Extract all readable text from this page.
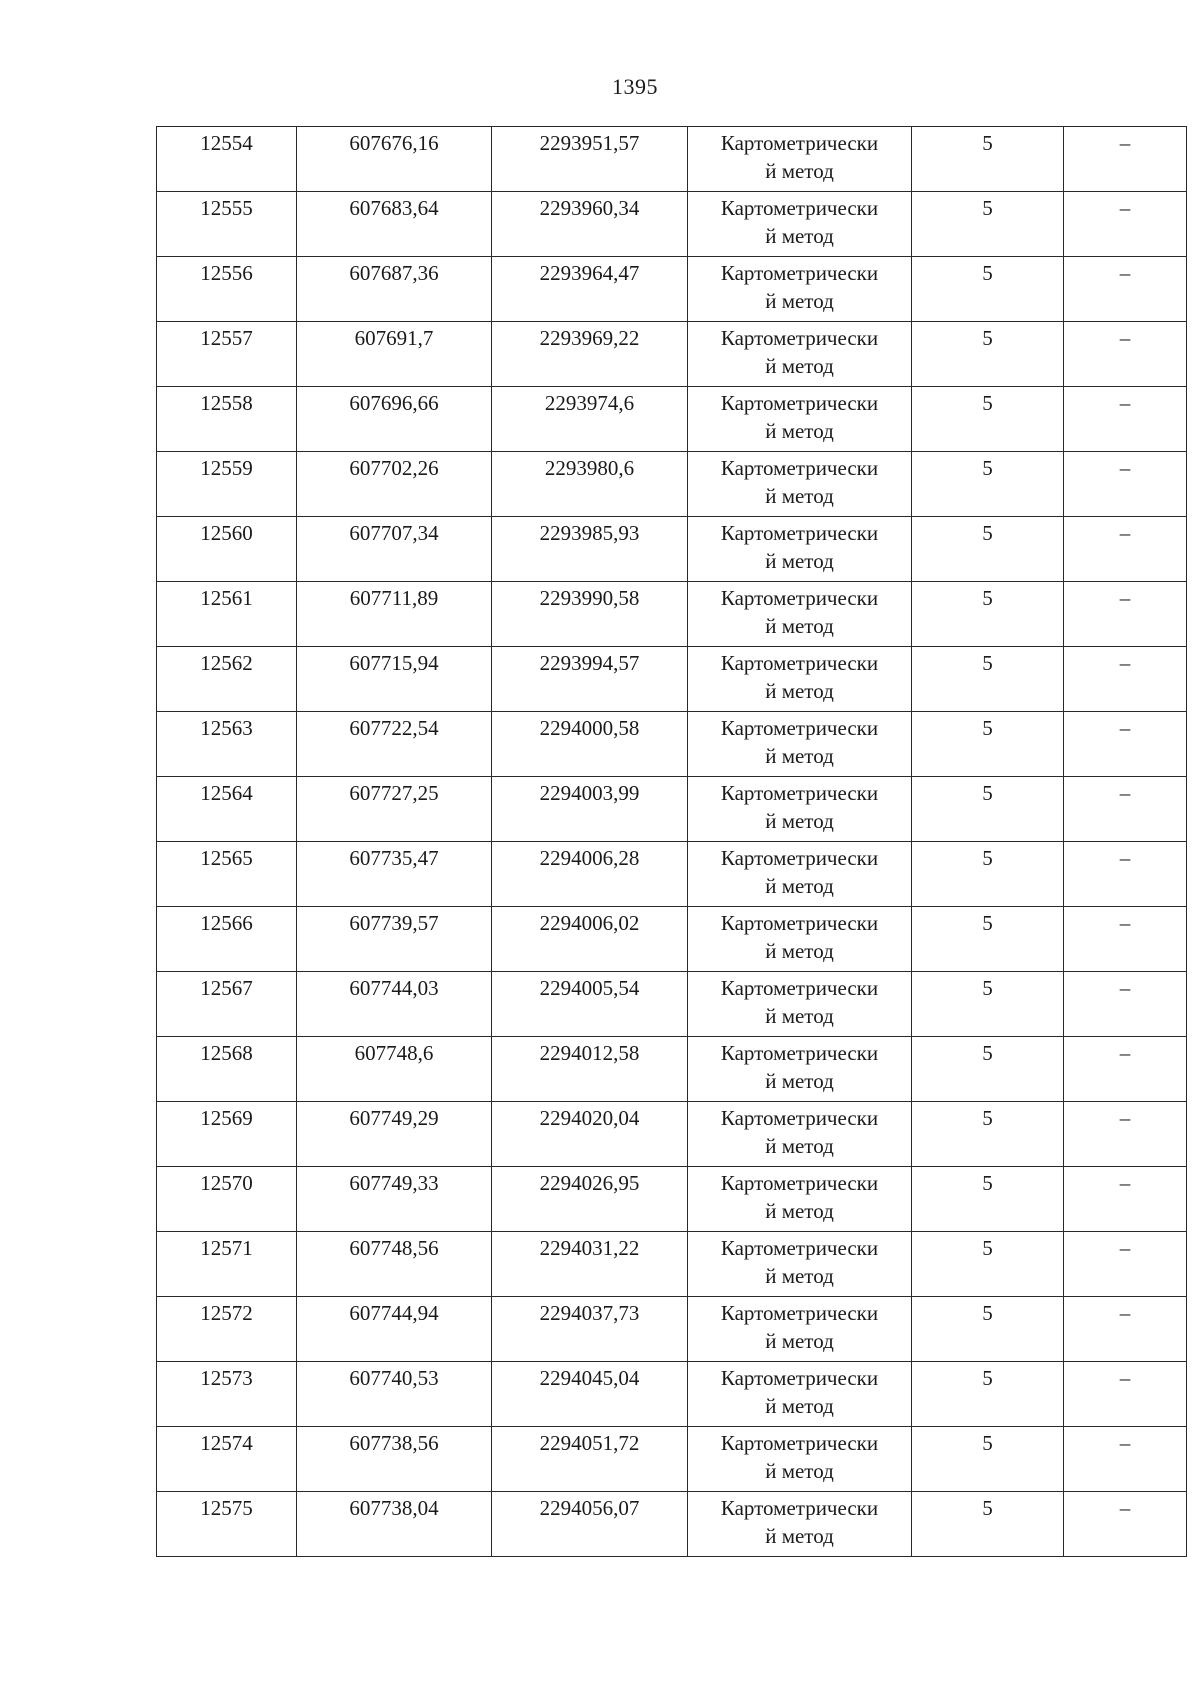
1395
12554	607676,16	2293951,57	Картометрически
й метод	5	–

12555	607683,64	2293960,34	Картометрически
й метод	5	–

12556	607687,36	2293964,47	Картометрически
й метод	5	–

12557	607691,7	2293969,22	Картометрически
й метод	5	–

12558	607696,66	2293974,6	Картометрически
й метод	5	–

12559	607702,26	2293980,6	Картометрически
й метод	5	–

12560	607707,34	2293985,93	Картометрически
й метод	5	–

12561	607711,89	2293990,58	Картометрически
й метод	5	–

12562	607715,94	2293994,57	Картометрически
й метод	5	–

12563	607722,54	2294000,58	Картометрически
й метод	5	–

12564	607727,25	2294003,99	Картометрически
й метод	5	–

12565	607735,47	2294006,28	Картометрически
й метод	5	–

12566	607739,57	2294006,02	Картометрически
й метод	5	–

12567	607744,03	2294005,54	Картометрически
й метод	5	–

12568	607748,6	2294012,58	Картометрически
й метод	5	–

12569	607749,29	2294020,04	Картометрически
й метод	5	–

12570	607749,33	2294026,95	Картометрически
й метод	5	–

12571	607748,56	2294031,22	Картометрически
й метод	5	–

12572	607744,94	2294037,73	Картометрически
й метод	5	–

12573	607740,53	2294045,04	Картометрически
й метод	5	–

12574	607738,56	2294051,72	Картометрически
й метод	5	–

12575	607738,04	2294056,07	Картометрически
й метод	5	–
